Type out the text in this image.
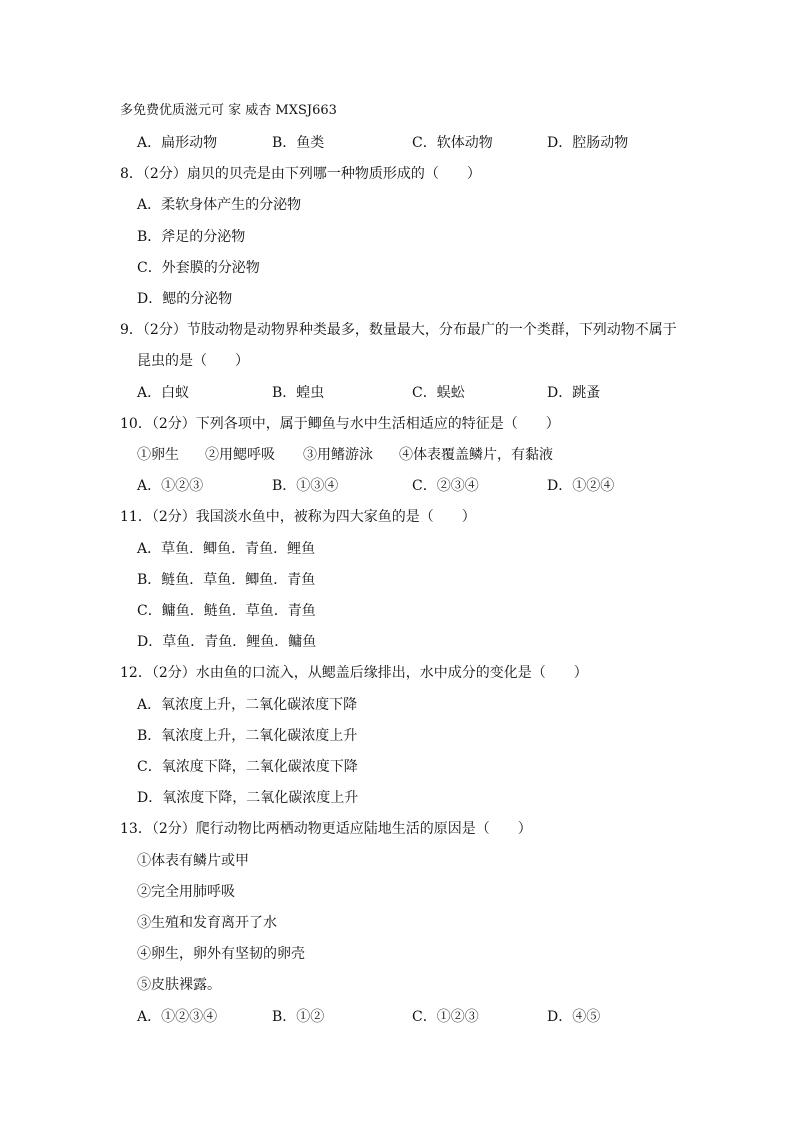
多免费优质滋元可 家 威杏 MXSJ663
A．扁形动物	B．鱼类	C．软体动物	D．腔肠动物
8．（2分）扇贝的贝壳是由下列哪一种物质形成的（　　）
A．柔软身体产生的分泌物
B．斧足的分泌物
C．外套膜的分泌物
D．鳃的分泌物
9．（2分）节肢动物是动物界种类最多，数量最大，分布最广的一个类群，下列动物不属于
昆虫的是（　　）
A．白蚁	B．蝗虫	C．蜈蚣	D．跳蚤
10．（2分）下列各项中，属于鲫鱼与水中生活相适应的特征是（　　）
①卵生 ②用鳃呼吸 ③用鳍游泳 ④体表覆盖鳞片，有黏液
A．①②③	B．①③④	C．②③④	D．①②④
11．（2分）我国淡水鱼中，被称为四大家鱼的是（　　）
A．草鱼．鲫鱼．青鱼．鲤鱼
B．鲢鱼．草鱼．鲫鱼．青鱼
C．鳙鱼．鲢鱼．草鱼．青鱼
D．草鱼．青鱼．鲤鱼．鳙鱼
12．（2分）水由鱼的口流入，从鳃盖后缘排出，水中成分的变化是（　　）
A．氧浓度上升，二氧化碳浓度下降
B．氧浓度上升，二氧化碳浓度上升
C．氧浓度下降，二氧化碳浓度下降
D．氧浓度下降，二氧化碳浓度上升
13．（2分）爬行动物比两栖动物更适应陆地生活的原因是（　　）
①体表有鳞片或甲
②完全用肺呼吸
③生殖和发育离开了水
④卵生，卵外有坚韧的卵壳
⑤皮肤裸露。
A．①②③④	B．①②	C．①②③	D．④⑤
